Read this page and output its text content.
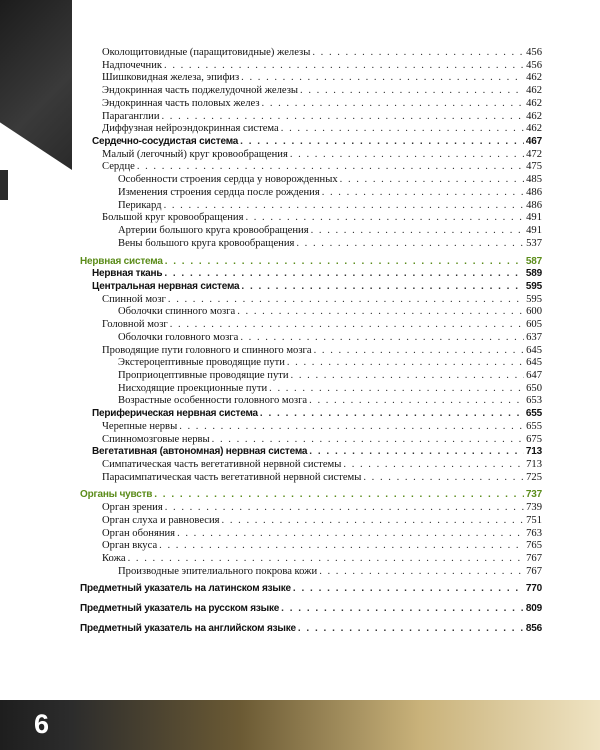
Околощитовидные (паращитовидные) железы . . .	456
Надпочечник . . .	456
Шишковидная железа, эпифиз . . .	462
Эндокринная часть поджелудочной железы . . .	462
Эндокринная часть половых желез . . .	462
Параганглии . . .	462
Диффузная нейроэндокринная система . . .	462
Сердечно-сосудистая система . . .	467
Малый (легочный) круг кровообращения . . .	472
Сердце . . .	475
Особенности строения сердца у новорожденных . . .	485
Изменения строения сердца после рождения . . .	486
Перикард . . .	486
Большой круг кровообращения . . .	491
Артерии большого круга кровообращения . . .	491
Вены большого круга кровообращения . . .	537
Нервная система . . .	587
Нервная ткань . . .	589
Центральная нервная система . . .	595
Спинной мозг . . .	595
Оболочки спинного мозга . . .	600
Головной мозг . . .	605
Оболочки головного мозга . . .	637
Проводящие пути головного и спинного мозга . . .	645
Экстероцептивные проводящие пути . . .	645
Проприоцептивные проводящие пути . . .	647
Нисходящие проекционные пути . . .	650
Возрастные особенности головного мозга . . .	653
Периферическая нервная система . . .	655
Черепные нервы . . .	655
Спинномозговые нервы . . .	675
Вегетативная (автономная) нервная система . . .	713
Симпатическая часть вегетативной нервной системы . . .	713
Парасимпатическая часть вегетативной нервной системы . . .	725
Органы чувств . . .	737
Орган зрения . . .	739
Орган слуха и равновесия . . .	751
Орган обоняния . . .	763
Орган вкуса . . .	765
Кожа . . .	767
Производные эпителиального покрова кожи . . .	767
Предметный указатель на латинском языке . . .	770
Предметный указатель на русском языке . . .	809
Предметный указатель на английском языке . . .	856
6
